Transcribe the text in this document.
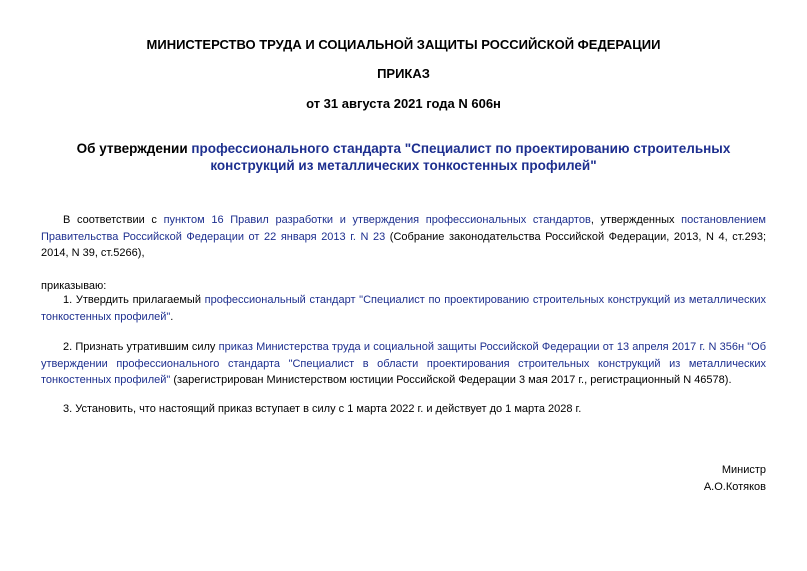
МИНИСТЕРСТВО ТРУДА И СОЦИАЛЬНОЙ ЗАЩИТЫ РОССИЙСКОЙ ФЕДЕРАЦИИ
ПРИКАЗ
от 31 августа 2021 года N 606н
Об утверждении профессионального стандарта "Специалист по проектированию строительных
конструкций из металлических тонкостенных профилей"
В соответствии с пунктом 16 Правил разработки и утверждения профессиональных стандартов, утвержденных постановлением Правительства Российской Федерации от 22 января 2013 г. N 23 (Собрание законодательства Российской Федерации, 2013, N 4, ст.293; 2014, N 39, ст.5266),
приказываю:
1. Утвердить прилагаемый профессиональный стандарт "Специалист по проектированию строительных конструкций из металлических тонкостенных профилей".
2. Признать утратившим силу приказ Министерства труда и социальной защиты Российской Федерации от 13 апреля 2017 г. N 356н "Об утверждении профессионального стандарта "Специалист в области проектирования строительных конструкций из металлических тонкостенных профилей" (зарегистрирован Министерством юстиции Российской Федерации 3 мая 2017 г., регистрационный N 46578).
3. Установить, что настоящий приказ вступает в силу с 1 марта 2022 г. и действует до 1 марта 2028 г.
Министр
А.О.Котяков
